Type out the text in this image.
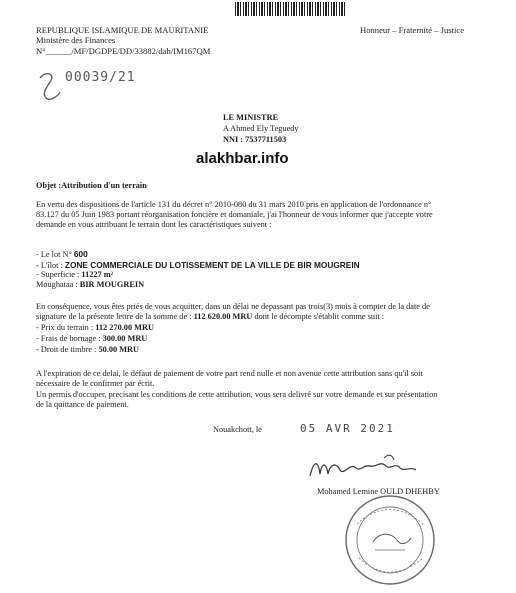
REPUBLIQUE ISLAMIQUE DE MAURITANIE
Ministère des Finances
N°______/MF/DGDPE/DD/33882/dah/IM167QM
Honneur – Fraternité – Justice
00039/21
LE MINISTRE
A Ahmed Ely Teguedy
NNI : 7537711503
alakhbar.info
Objet :Attribution d'un terrain
En vertu des dispositions de l'article 131 du décret n° 2010-080 du 31 mars 2010 pris en application de l'ordonnance n°
83.127 du 05 Juin 1983 portant réorganisation foncière et domaniale, j'ai l'honneur de vous informer que j'accepte votre
demande en vous attribuant le terrain dont les caractéristiques suivent :
- Le lot N° 600
- L'îlot : ZONE COMMERCIALE DU LOTISSEMENT DE LA VILLE DE BIR MOUGREIN
- Superficie : 11227 m²
Moughataa : BIR MOUGREIN
En conséquence, vous êtes priés de vous acquitter, dans un délai ne depassant pas trois(3) mois à compter de la date de
signature de la présente lettre de la somme de : 112 620.00 MRU dont le décompte s'établit comme suit :
- Prix du terrain : 112 270.00 MRU
- Frais de bornage : 300.00 MRU
- Droit de timbre : 50.00 MRU
A l'expiration de ce delai, le défaut de paiement de votre part rend nulle et non avenue cette attribution sans qu'il soit
nécessaire de le confirmer par écrit.
Un permis d'occuper, precisant les conditions de cette attribution, vous sera delivré sur votre demande et sur présentation
de la quittance de paiement.
Nouakchott, le	05 AVR 2021
Mohamed Lemine OULD DHEHBY
